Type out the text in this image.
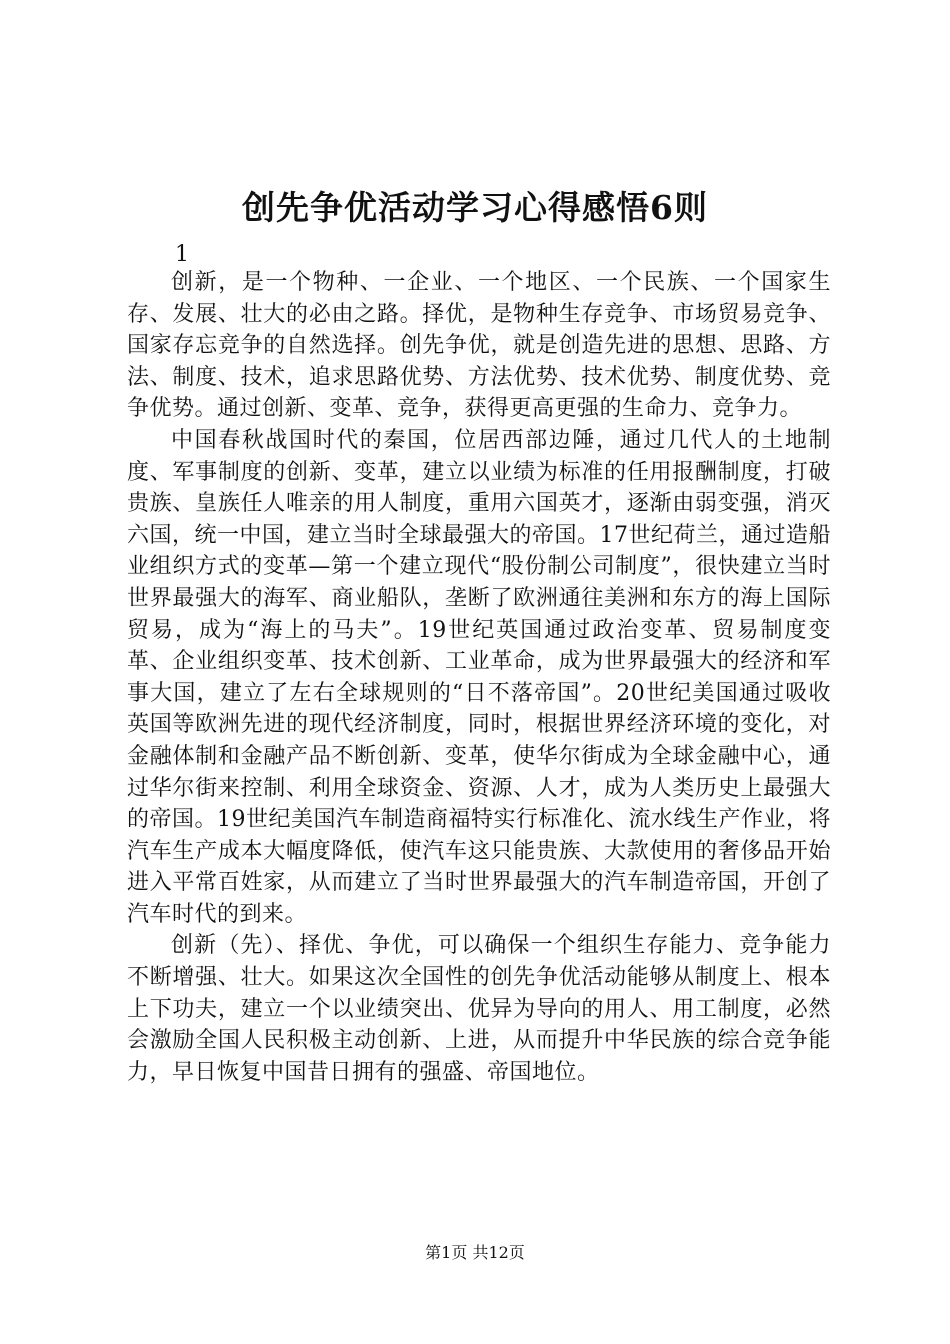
创先争优活动学习心得感悟6则
1

创新，是一个物种、一企业、一个地区、一个民族、一个国家生存、发展、壮大的必由之路。择优，是物种生存竞争、市场贸易竞争、国家存忘竞争的自然选择。创先争优，就是创造先进的思想、思路、方法、制度、技术，追求思路优势、方法优势、技术优势、制度优势、竞争优势。通过创新、变革、竞争，获得更高更强的生命力、竞争力。

中国春秋战国时代的秦国，位居西部边陲，通过几代人的土地制度、军事制度的创新、变革，建立以业绩为标准的任用报酬制度，打破贵族、皇族任人唯亲的用人制度，重用六国英才，逐渐由弱变强，消灭六国，统一中国，建立当时全球最强大的帝国。17世纪荷兰，通过造船业组织方式的变革—第一个建立现代“股份制公司制度”，很快建立当时世界最强大的海军、商业船队，垄断了欧洲通往美洲和东方的海上国际贸易，成为“海上的马夫”。19世纪英国通过政治变革、贸易制度变革、企业组织变革、技术创新、工业革命，成为世界最强大的经济和军事大国，建立了左右全球规则的“日不落帝国”。20世纪美国通过吸收英国等欧洲先进的现代经济制度，同时，根据世界经济环境的变化，对金融体制和金融产品不断创新、变革，使华尔街成为全球金融中心，通过华尔街来控制、利用全球资金、资源、人才，成为人类历史上最强大的帝国。19世纪美国汽车制造商福特实行标准化、流水线生产作业，将汽车生产成本大幅度降低，使汽车这只能贵族、大款使用的奢侈品开始进入平常百姓家，从而建立了当时世界最强大的汽车制造帝国，开创了汽车时代的到来。

创新（先）、择优、争优，可以确保一个组织生存能力、竞争能力不断增强、壮大。如果这次全国性的创先争优活动能够从制度上、根本上下功夫，建立一个以业绩突出、优异为导向的用人、用工制度，必然会激励全国人民积极主动创新、上进，从而提升中华民族的综合竞争能力，早日恢复中国昔日拥有的强盛、帝国地位。

第1页 共12页
